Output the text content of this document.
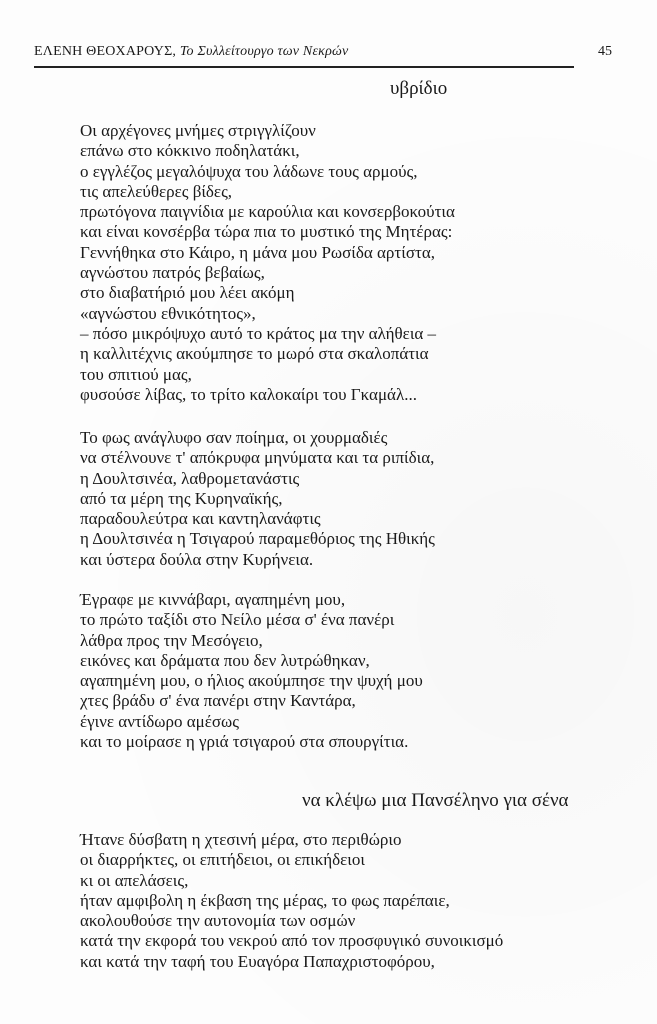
ΕΛΕΝΗ ΘΕΟΧΑΡΟΥΣ, Το Συλλείτουργο των Νεκρών	45
υβρίδιο
Οι αρχέγονες μνήμες στριγγλίζουν
επάνω στο κόκκινο ποδηλατάκι,
ο εγγλέζος μεγαλόψυχα του λάδωνε τους αρμούς,
τις απελεύθερες βίδες,
πρωτόγονα παιγνίδια με καρούλια και κονσερβοκούτια
και είναι κονσέρβα τώρα πια το μυστικό της Μητέρας:
Γεννήθηκα στο Κάιρο, η μάνα μου Ρωσίδα αρτίστα,
αγνώστου πατρός βεβαίως,
στο διαβατήριό μου λέει ακόμη
«αγνώστου εθνικότητος»,
– πόσο μικρόψυχο αυτό το κράτος μα την αλήθεια –
η καλλιτέχνις ακούμπησε το μωρό στα σκαλοπάτια
του σπιτιού μας,
φυσούσε λίβας, το τρίτο καλοκαίρι του Γκαμάλ...
Το φως ανάγλυφο σαν ποίημα, οι χουρμαδιές
να στέλνουνε τ' απόκρυφα μηνύματα και τα ριπίδια,
η Δουλτσινέα, λαθρομετανάστις
από τα μέρη της Κυρηναϊκής,
παραδουλεύτρα και καντηλανάφτις
η Δουλτσινέα η Τσιγαρού παραμεθόριος της Ηθικής
και ύστερα δούλα στην Κυρήνεια.
Έγραφε με κιννάβαρι, αγαπημένη μου,
το πρώτο ταξίδι στο Νείλο μέσα σ' ένα πανέρι
λάθρα προς την Μεσόγειο,
εικόνες και δράματα που δεν λυτρώθηκαν,
αγαπημένη μου, ο ήλιος ακούμπησε την ψυχή μου
χτες βράδυ σ' ένα πανέρι στην Καντάρα,
έγινε αντίδωρο αμέσως
και το μοίρασε η γριά τσιγαρού στα σπουργίτια.
να κλέψω μια Πανσέληνο για σένα
Ήτανε δύσβατη η χτεσινή μέρα, στο περιθώριο
οι διαρρήκτες, οι επιτήδειοι, οι επικήδειοι
κι οι απελάσεις,
ήταν αμφιβολη η έκβαση της μέρας, το φως παρέπαιε,
ακολουθούσε την αυτονομία των οσμών
κατά την εκφορά του νεκρού από τον προσφυγικό συνοικισμό
και κατά την ταφή του Ευαγόρα Παπαχριστοφόρου,
